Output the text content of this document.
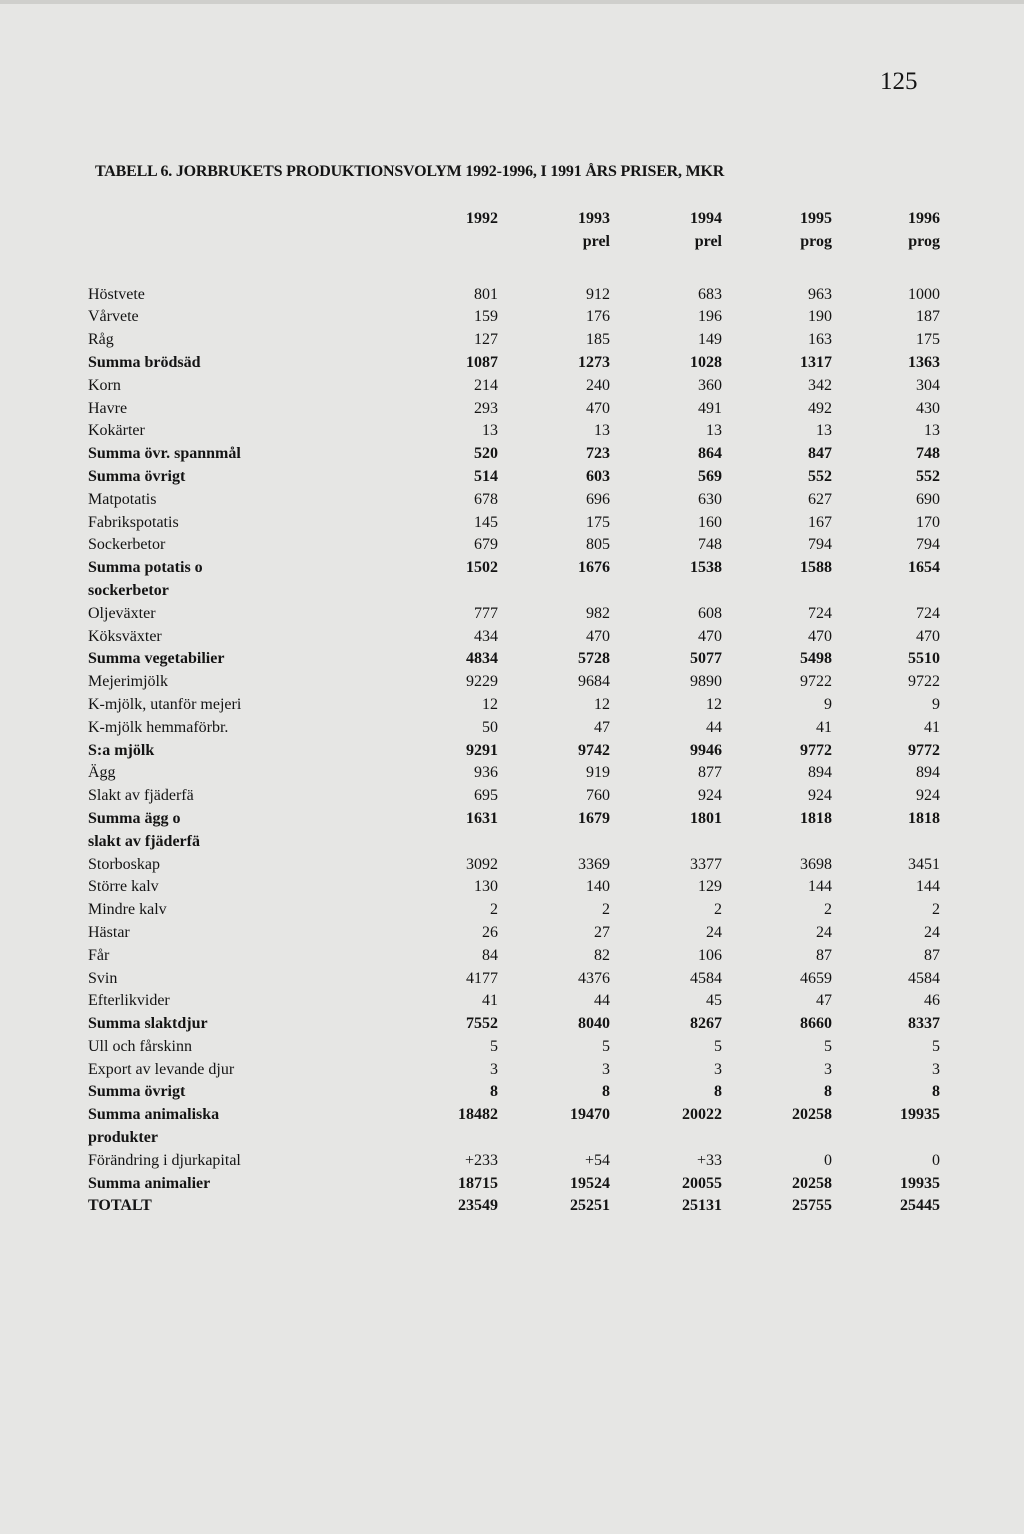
125
TABELL 6. JORBRUKETS PRODUKTIONSVOLYM 1992-1996, I 1991 ÅRS PRISER, MKR
	1992	1993	1994	1995	1996
		prel	prel	prog	prog

Höstvete	801	912	683	963	1000
Vårvete	159	176	196	190	187
Råg	127	185	149	163	175
Summa brödsäd	1087	1273	1028	1317	1363
Korn	214	240	360	342	304
Havre	293	470	491	492	430
Kokärter	13	13	13	13	13
Summa övr. spannmål	520	723	864	847	748
Summa övrigt	514	603	569	552	552
Matpotatis	678	696	630	627	690
Fabrikspotatis	145	175	160	167	170
Sockerbetor	679	805	748	794	794
Summa potatis o	1502	1676	1538	1588	1654
sockerbetor					
Oljeväxter	777	982	608	724	724
Köksväxter	434	470	470	470	470
Summa vegetabilier	4834	5728	5077	5498	5510
Mejerimjölk	9229	9684	9890	9722	9722
K-mjölk, utanför mejeri	12	12	12	9	9
K-mjölk hemmaförbr.	50	47	44	41	41
S:a mjölk	9291	9742	9946	9772	9772
Ägg	936	919	877	894	894
Slakt av fjäderfä	695	760	924	924	924
Summa ägg o	1631	1679	1801	1818	1818
slakt av fjäderfä					
Storboskap	3092	3369	3377	3698	3451
Större kalv	130	140	129	144	144
Mindre kalv	2	2	2	2	2
Hästar	26	27	24	24	24
Får	84	82	106	87	87
Svin	4177	4376	4584	4659	4584
Efterlikvider	41	44	45	47	46
Summa slaktdjur	7552	8040	8267	8660	8337
Ull och fårskinn	5	5	5	5	5
Export av levande djur	3	3	3	3	3
Summa övrigt	8	8	8	8	8
Summa animaliska	18482	19470	20022	20258	19935
produkter					
Förändring i djurkapital	+233	+54	+33	0	0
Summa animalier	18715	19524	20055	20258	19935
TOTALT	23549	25251	25131	25755	25445
